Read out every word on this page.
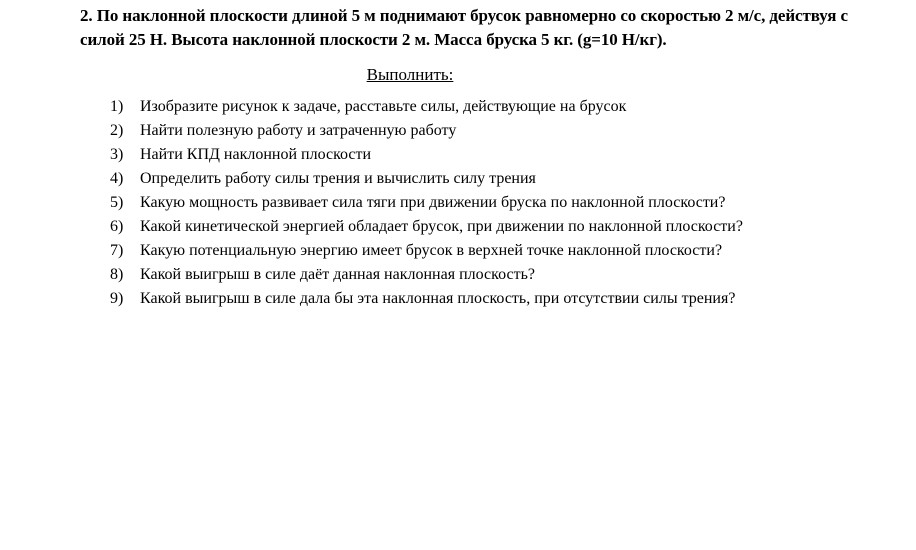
2. По наклонной плоскости длиной 5 м поднимают брусок равномерно со скоростью 2 м/с, действуя с силой 25 Н. Высота наклонной плоскости 2 м. Масса бруска 5 кг. (g=10 Н/кг).

Выполнить:
1)	Изобразите рисунок к задаче, расставьте силы, действующие на брусок
2)	Найти полезную работу и затраченную работу
3)	Найти КПД наклонной плоскости
4)	Определить работу силы трения и вычислить силу трения
5)	Какую мощность развивает сила тяги при движении бруска по наклонной плоскости?
6)	Какой кинетической энергией обладает брусок, при движении по наклонной плоскости?
7)	Какую потенциальную энергию имеет брусок в верхней точке наклонной плоскости?
8)	Какой выигрыш в силе даёт данная наклонная плоскость?
9)	Какой выигрыш в силе дала бы эта наклонная плоскость, при отсутствии силы трения?
